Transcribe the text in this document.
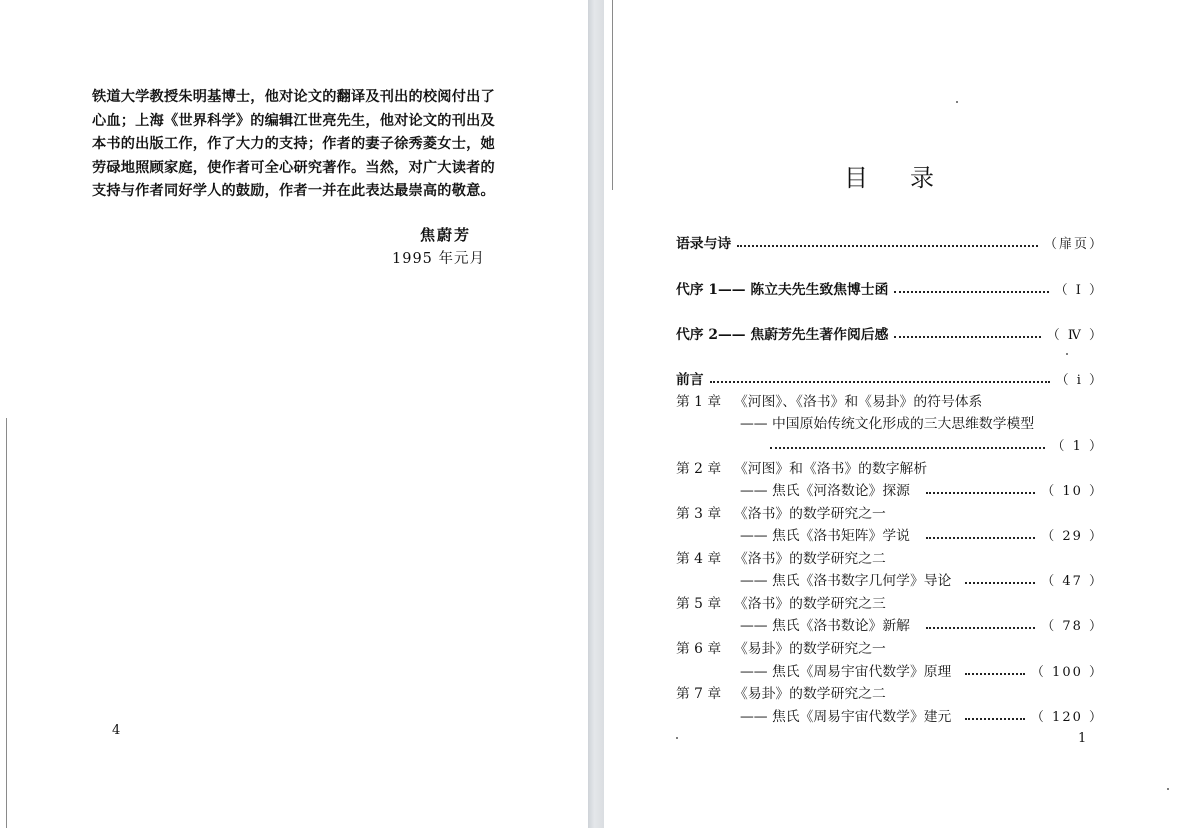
铁道大学教授朱明基博士，他对论文的翻译及刊出的校阅付出了
心血；上海《世界科学》的编辑江世亮先生，他对论文的刊出及
本书的出版工作，作了大力的支持；作者的妻子徐秀菱女士，她
劳碌地照顾家庭，使作者可全心研究著作。当然，对广大读者的
支持与作者同好学人的鼓励，作者一并在此表达最崇高的敬意。
焦蔚芳
1995 年元月
4
目 录
语录与诗	（扉页）
代序 1—— 陈立夫先生致焦博士函	（ I ）
代序 2—— 焦蔚芳先生著作阅后感	（ Ⅳ ）
前言	（ i ）
第 1 章 《河图》、《洛书》和《易卦》的符号体系
—— 中国原始传统文化形成的三大思维数学模型
（ 1 ）
第 2 章 《河图》和《洛书》的数字解析
—— 焦氏《河洛数论》探源	（ 10 ）
第 3 章 《洛书》的数学研究之一
—— 焦氏《洛书矩阵》学说	（ 29 ）
第 4 章 《洛书》的数学研究之二
—— 焦氏《洛书数字几何学》导论	（ 47 ）
第 5 章 《洛书》的数学研究之三
—— 焦氏《洛书数论》新解	（ 78 ）
第 6 章 《易卦》的数学研究之一
—— 焦氏《周易宇宙代数学》原理	（ 100 ）
第 7 章 《易卦》的数学研究之二
—— 焦氏《周易宇宙代数学》建元	（ 120 ）
1
